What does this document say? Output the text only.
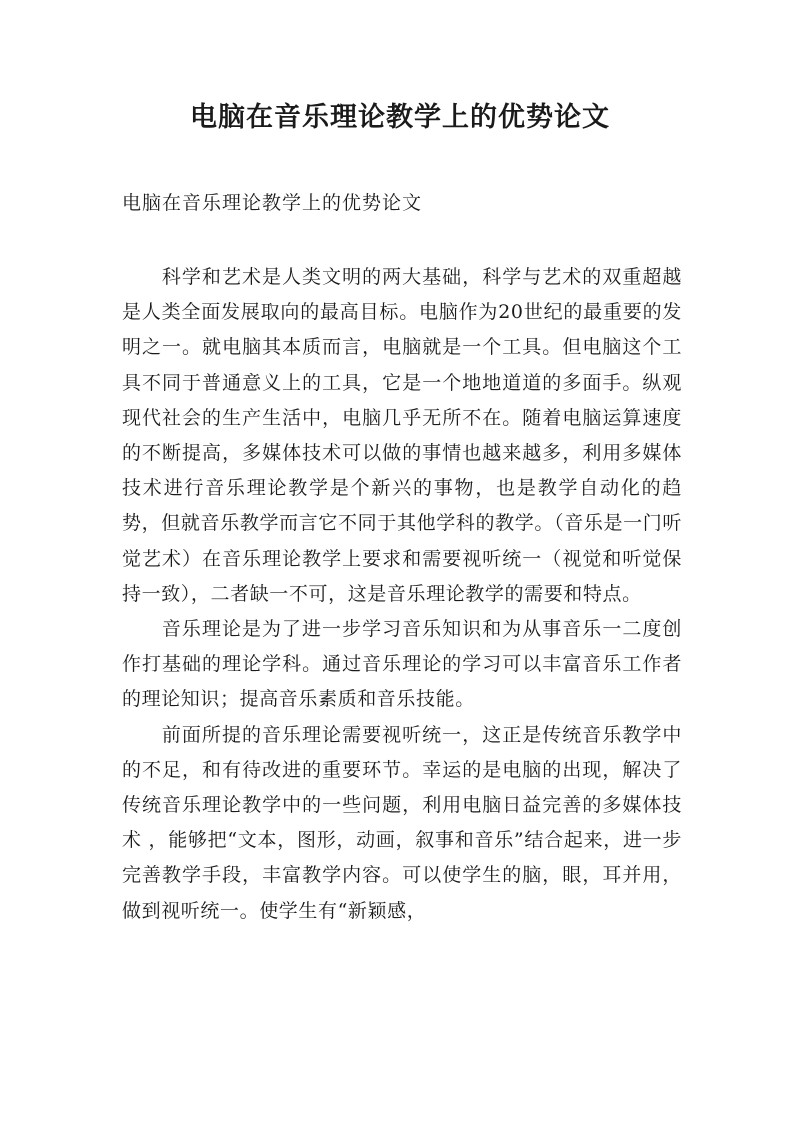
电脑在音乐理论教学上的优势论文
电脑在音乐理论教学上的优势论文

科学和艺术是人类文明的两大基础，科学与艺术的双重超越是人类全面发展取向的最高目标。电脑作为20世纪的最重要的发明之一。就电脑其本质而言，电脑就是一个工具。但电脑这个工具不同于普通意义上的工具，它是一个地地道道的多面手。纵观现代社会的生产生活中，电脑几乎无所不在。随着电脑运算速度的不断提高，多媒体技术可以做的事情也越来越多，利用多媒体技术进行音乐理论教学是个新兴的事物，也是教学自动化的趋势，但就音乐教学而言它不同于其他学科的教学。（音乐是一门听觉艺术）在音乐理论教学上要求和需要视听统一（视觉和听觉保持一致），二者缺一不可，这是音乐理论教学的需要和特点。

音乐理论是为了进一步学习音乐知识和为从事音乐一二度创作打基础的理论学科。通过音乐理论的学习可以丰富音乐工作者的理论知识；提高音乐素质和音乐技能。

前面所提的音乐理论需要视听统一，这正是传统音乐教学中的不足，和有待改进的重要环节。幸运的是电脑的出现，解决了传统音乐理论教学中的一些问题，利用电脑日益完善的多媒体技术 ，能够把“文本，图形，动画，叙事和音乐”结合起来，进一步完善教学手段，丰富教学内容。可以使学生的脑，眼，耳并用，做到视听统一。使学生有“新颖感，
